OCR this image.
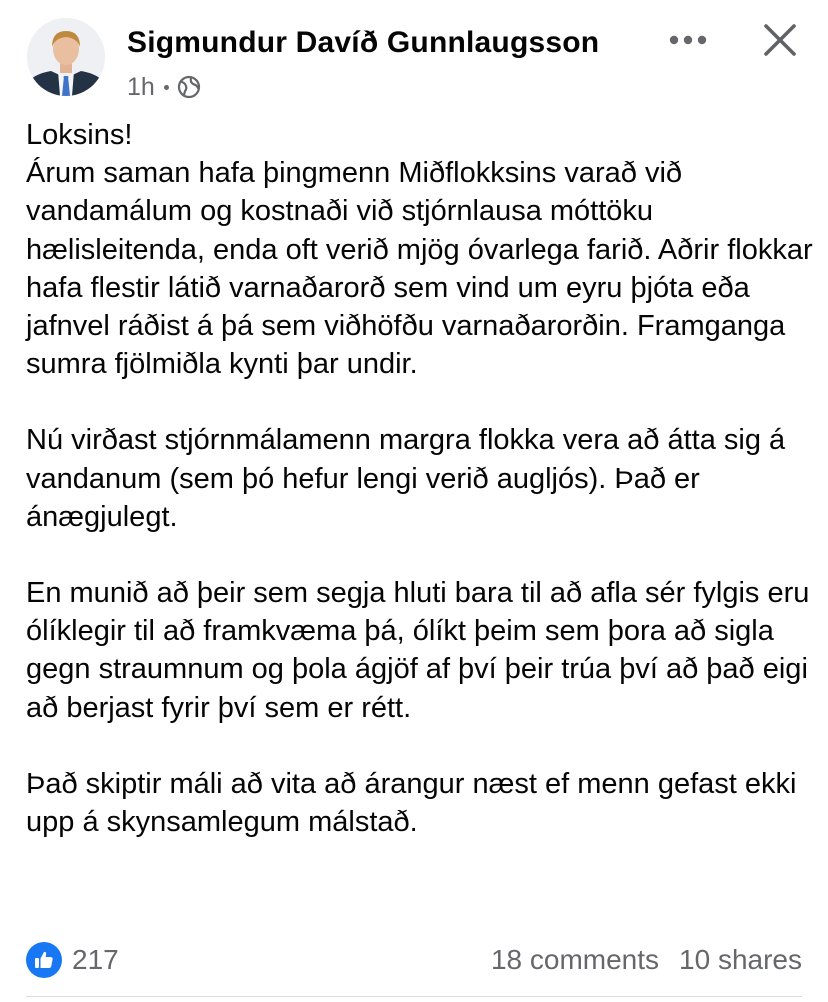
Sigmundur Davíð Gunnlaugsson
1h

Loksins!

Árum saman hafa þingmenn Miðflokksins varað við vandamálum og kostnaði við stjórnlausa móttöku hælisleitenda, enda oft verið mjög óvarlega farið. Aðrir flokkar hafa flestir látið varnaðarorð sem vind um eyru þjóta eða jafnvel ráðist á þá sem viðhöfðu varnaðarorðin. Framganga sumra fjölmiðla kynti þar undir.

Nú virðast stjórnmálamenn margra flokka vera að átta sig á vandanum (sem þó hefur lengi verið augljós). Það er ánægjulegt.

En munið að þeir sem segja hluti bara til að afla sér fylgis eru ólíklegir til að framkvæma þá, ólíkt þeim sem þora að sigla gegn straumnum og þola ágjöf af því þeir trúa því að það eigi að berjast fyrir því sem er rétt.

Það skiptir máli að vita að árangur næst ef menn gefast ekki upp á skynsamlegum málstað.

217	18 comments 10 shares
